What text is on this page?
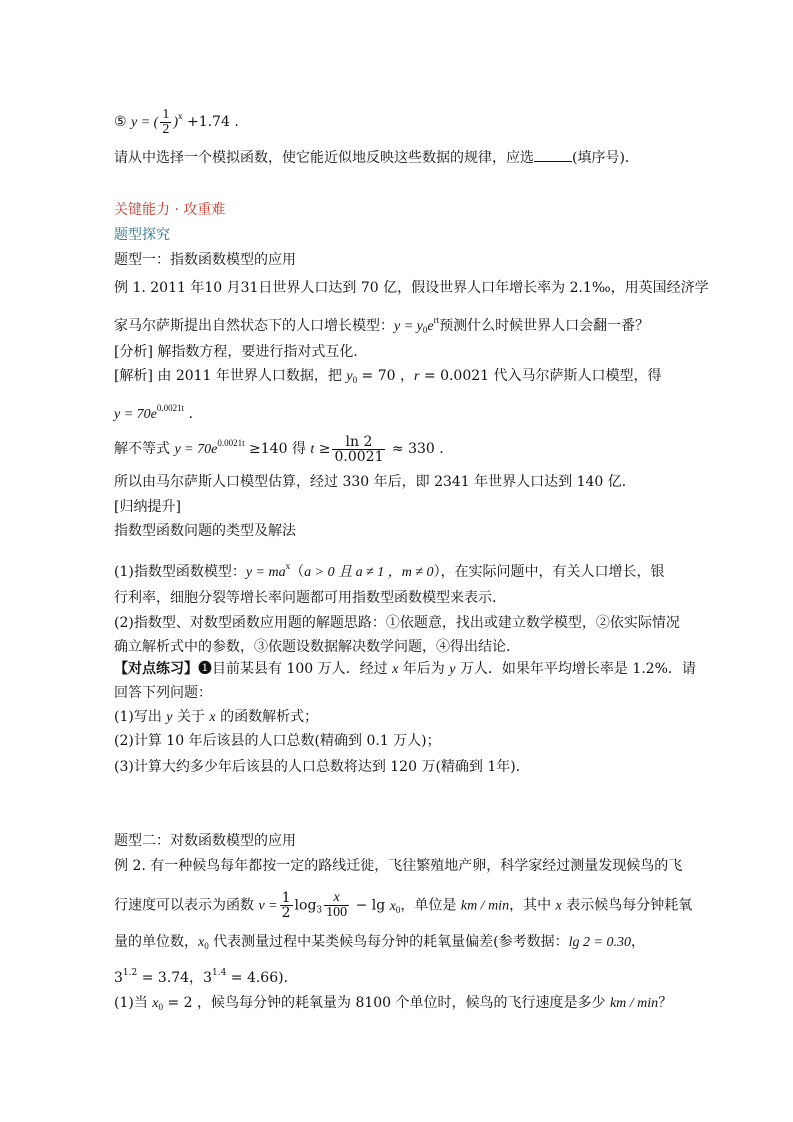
⑤ y = ( $\frac{1}{2} )^x +1.74$ .
请从中选择一个模拟函数，使它能近似地反映这些数据的规律，应选	(填序号)．
关键能力 · 攻重难
题型探究
题型一：指数函数模型的应用
例 1. 2011 年10 月31日世界人口达到 70 亿，假设世界人口年增长率为 2.1‰，用英国经济学
家马尔萨斯提出自然状态下的人口增长模型：$y = y_0e^{rt}$预测什么时候世界人口会翻一番？
[分析] 解指数方程，要进行指对式互化．
[解析] 由 2011 年世界人口数据，把 $y_0 = 70$ ，r = 0.0021 代入马尔萨斯人口模型，得
$y = 70e^{0.0021t}$ .
解不等式 $y = 70e^{0.0021t} \ge 140$ 得 $t \ge \frac{\ln 2}{0.0021} \approx 330$ .
所以由马尔萨斯人口模型估算，经过 330 年后，即 2341 年世界人口达到 140 亿．
[归纳提升]
指数型函数问题的类型及解法
(1)指数型函数模型：$y = ma^x(a > 0$ 且 a ≠ 1 ，m ≠ 0），在实际问题中，有关人口增长，银
行利率，细胞分裂等增长率问题都可用指数型函数模型来表示．
(2)指数型、对数型函数应用题的解题思路：①依题意，找出或建立数学模型，②依实际情况
确立解析式中的参数，③依题设数据解决数学问题，④得出结论．
【对点练习】❶目前某县有 100 万人．经过 x 年后为 y 万人．如果年平均增长率是 1.2%．请
回答下列问题：
(1)写出 y 关于 x 的函数解析式；
(2)计算 10 年后该县的人口总数(精确到 0.1 万人)；
(3)计算大约多少年后该县的人口总数将达到 120 万(精确到 1年)．
题型二：对数函数模型的应用
例 2. 有一种候鸟每年都按一定的路线迁徙，飞往繁殖地产卵，科学家经过测量发现候鸟的飞
行速度可以表示为函数 $v = \frac{1}{2} \log_3 \frac{x}{100} - \lg x_0$，单位是 km / min，其中 x 表示候鸟每分钟耗氧
量的单位数，$x_0$ 代表测量过程中某类候鸟每分钟的耗氧量偏差(参考数据：lg 2 = 0.30，
$3^{1.2} = 3.74$，$3^{1.4} = 4.66$)．
(1)当 $x_0 = 2$ ，候鸟每分钟的耗氧量为 8100 个单位时，候鸟的飞行速度是多少 km / min？
